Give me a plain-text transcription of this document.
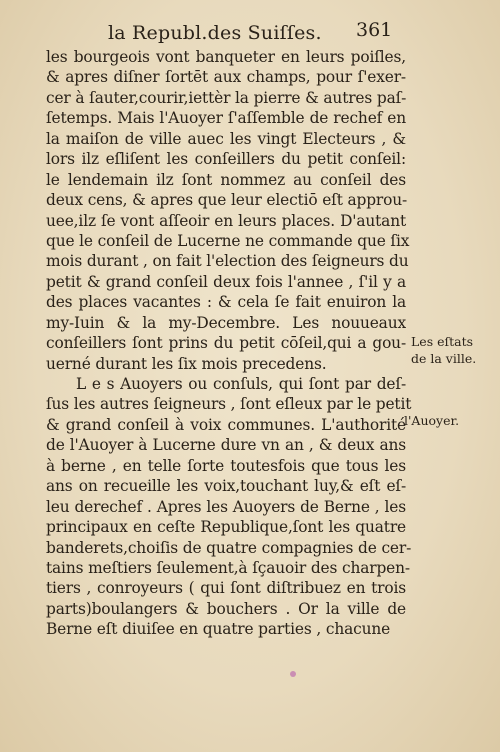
la Republ.des Suiſſes. 361
les bourgeois vont banqueter en leurs poiſles,
& apres diſner ſortēt aux champs, pour ſ'exer-
cer à ſauter,courir,iettèr la pierre & autres paſ-
ſetemps. Mais l'Auoyer ſ'aſſemble de rechef en
la maiſon de ville auec les vingt Electeurs , &
lors ilz eſliſent les conſeillers du petit conſeil:
le lendemain ilz ſont nommez au conſeil des
deux cens, & apres que leur electiō eſt approu-
uee,ilz ſe vont aſſeoir en leurs places. D'autant
que le conſeil de Lucerne ne commande que ſix
mois durant , on fait l'election des ſeigneurs du
petit & grand conſeil deux fois l'annee , ſ'il y a
des places vacantes : & cela ſe fait enuiron la
my-Iuin & la my-Decembre. Les nouueaux
conſeillers ſont prins du petit cōſeil,qui a gou-
uerné durant les ſix mois precedens.
L e s Auoyers ou conſuls, qui ſont par deſ-
ſus les autres ſeigneurs , ſont eſleux par le petit
& grand conſeil à voix communes. L'authorité
de l'Auoyer à Lucerne dure vn an , & deux ans
à berne , en telle ſorte toutesfois que tous les
ans on recueille les voix,touchant luy,& eſt eſ-
leu derechef . Apres les Auoyers de Berne , les
principaux en ceſte Republique,ſont les quatre
banderets,choiſis de quatre compagnies de cer-
tains meſtiers ſeulement,à ſçauoir des charpen-
tiers , conroyeurs ( qui ſont diſtribuez en trois
parts)boulangers & bouchers . Or la ville de
Berne eſt diuiſee en quatre parties , chacune
Les eſtats
de la ville.
l'Auoyer.
